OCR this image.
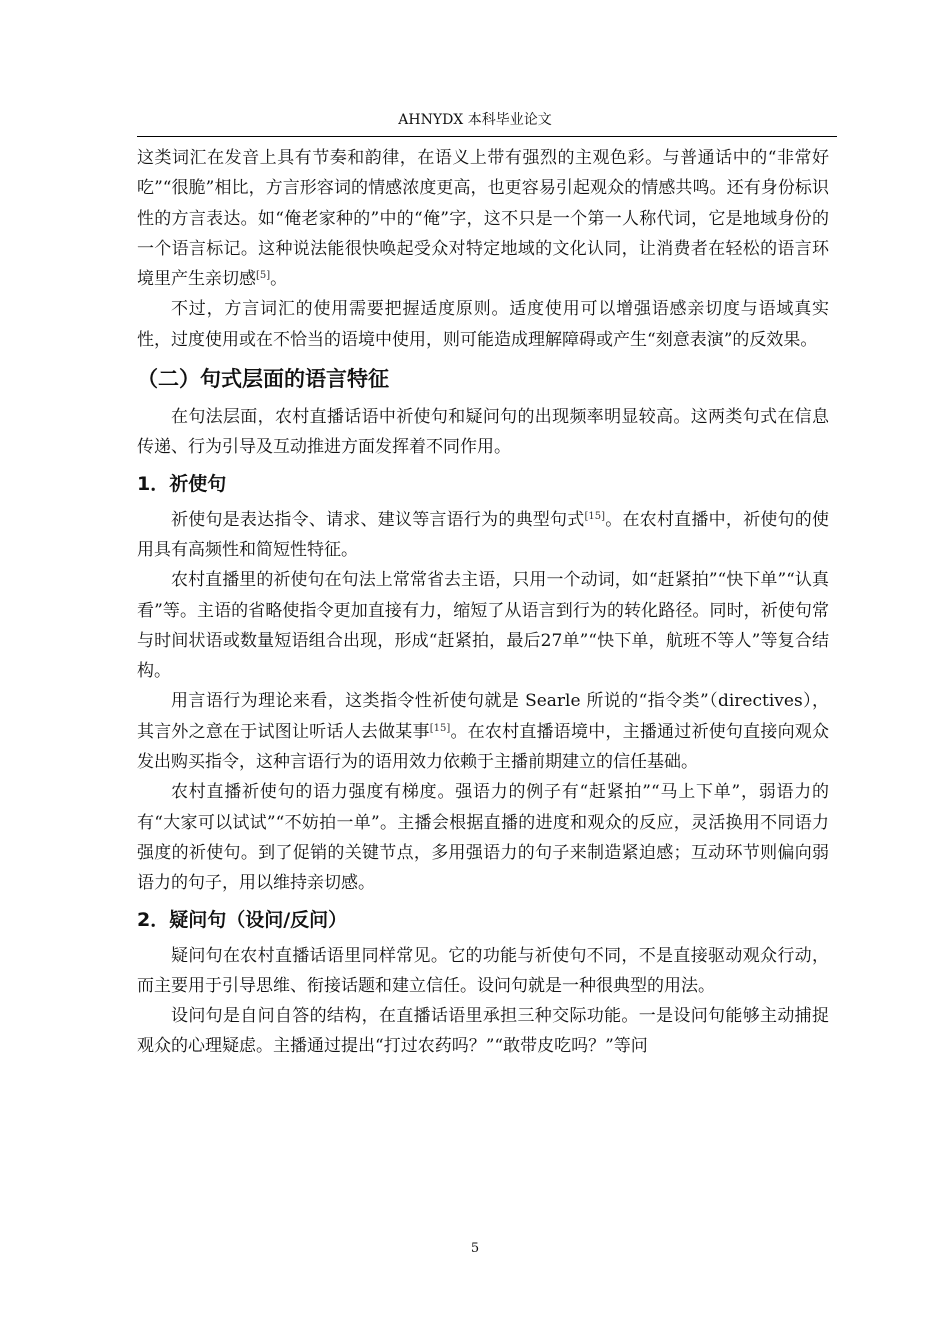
AHNYDX 本科毕业论文

这类词汇在发音上具有节奏和韵律，在语义上带有强烈的主观色彩。与普通话中的“非常好吃”“很脆”相比，方言形容词的情感浓度更高，也更容易引起观众的情感共鸣。还有身份标识性的方言表达。如“俺老家种的”中的“俺”字，这不只是一个第一人称代词，它是地域身份的一个语言标记。这种说法能很快唤起受众对特定地域的文化认同，让消费者在轻松的语言环境里产生亲切感[5]。

不过，方言词汇的使用需要把握适度原则。适度使用可以增强语感亲切度与语域真实性，过度使用或在不恰当的语境中使用，则可能造成理解障碍或产生“刻意表演”的反效果。

（二）句式层面的语言特征

在句法层面，农村直播话语中祈使句和疑问句的出现频率明显较高。这两类句式在信息传递、行为引导及互动推进方面发挥着不同作用。

1．祈使句

祈使句是表达指令、请求、建议等言语行为的典型句式[15]。在农村直播中，祈使句的使用具有高频性和简短性特征。

农村直播里的祈使句在句法上常常省去主语，只用一个动词，如“赶紧拍”“快下单”“认真看”等。主语的省略使指令更加直接有力，缩短了从语言到行为的转化路径。同时，祈使句常与时间状语或数量短语组合出现，形成“赶紧拍，最后27单”“快下单，航班不等人”等复合结构。

用言语行为理论来看，这类指令性祈使句就是 Searle 所说的“指令类”（directives），其言外之意在于试图让听话人去做某事[15]。在农村直播语境中，主播通过祈使句直接向观众发出购买指令，这种言语行为的语用效力依赖于主播前期建立的信任基础。

农村直播祈使句的语力强度有梯度。强语力的例子有“赶紧拍”“马上下单”，弱语力的有“大家可以试试”“不妨拍一单”。主播会根据直播的进度和观众的反应，灵活换用不同语力强度的祈使句。到了促销的关键节点，多用强语力的句子来制造紧迫感；互动环节则偏向弱语力的句子，用以维持亲切感。

2．疑问句（设问/反问）

疑问句在农村直播话语里同样常见。它的功能与祈使句不同，不是直接驱动观众行动，而主要用于引导思维、衔接话题和建立信任。设问句就是一种很典型的用法。

设问句是自问自答的结构，在直播话语里承担三种交际功能。一是设问句能够主动捕捉观众的心理疑虑。主播通过提出“打过农药吗？”“敢带皮吃吗？”等问

5
